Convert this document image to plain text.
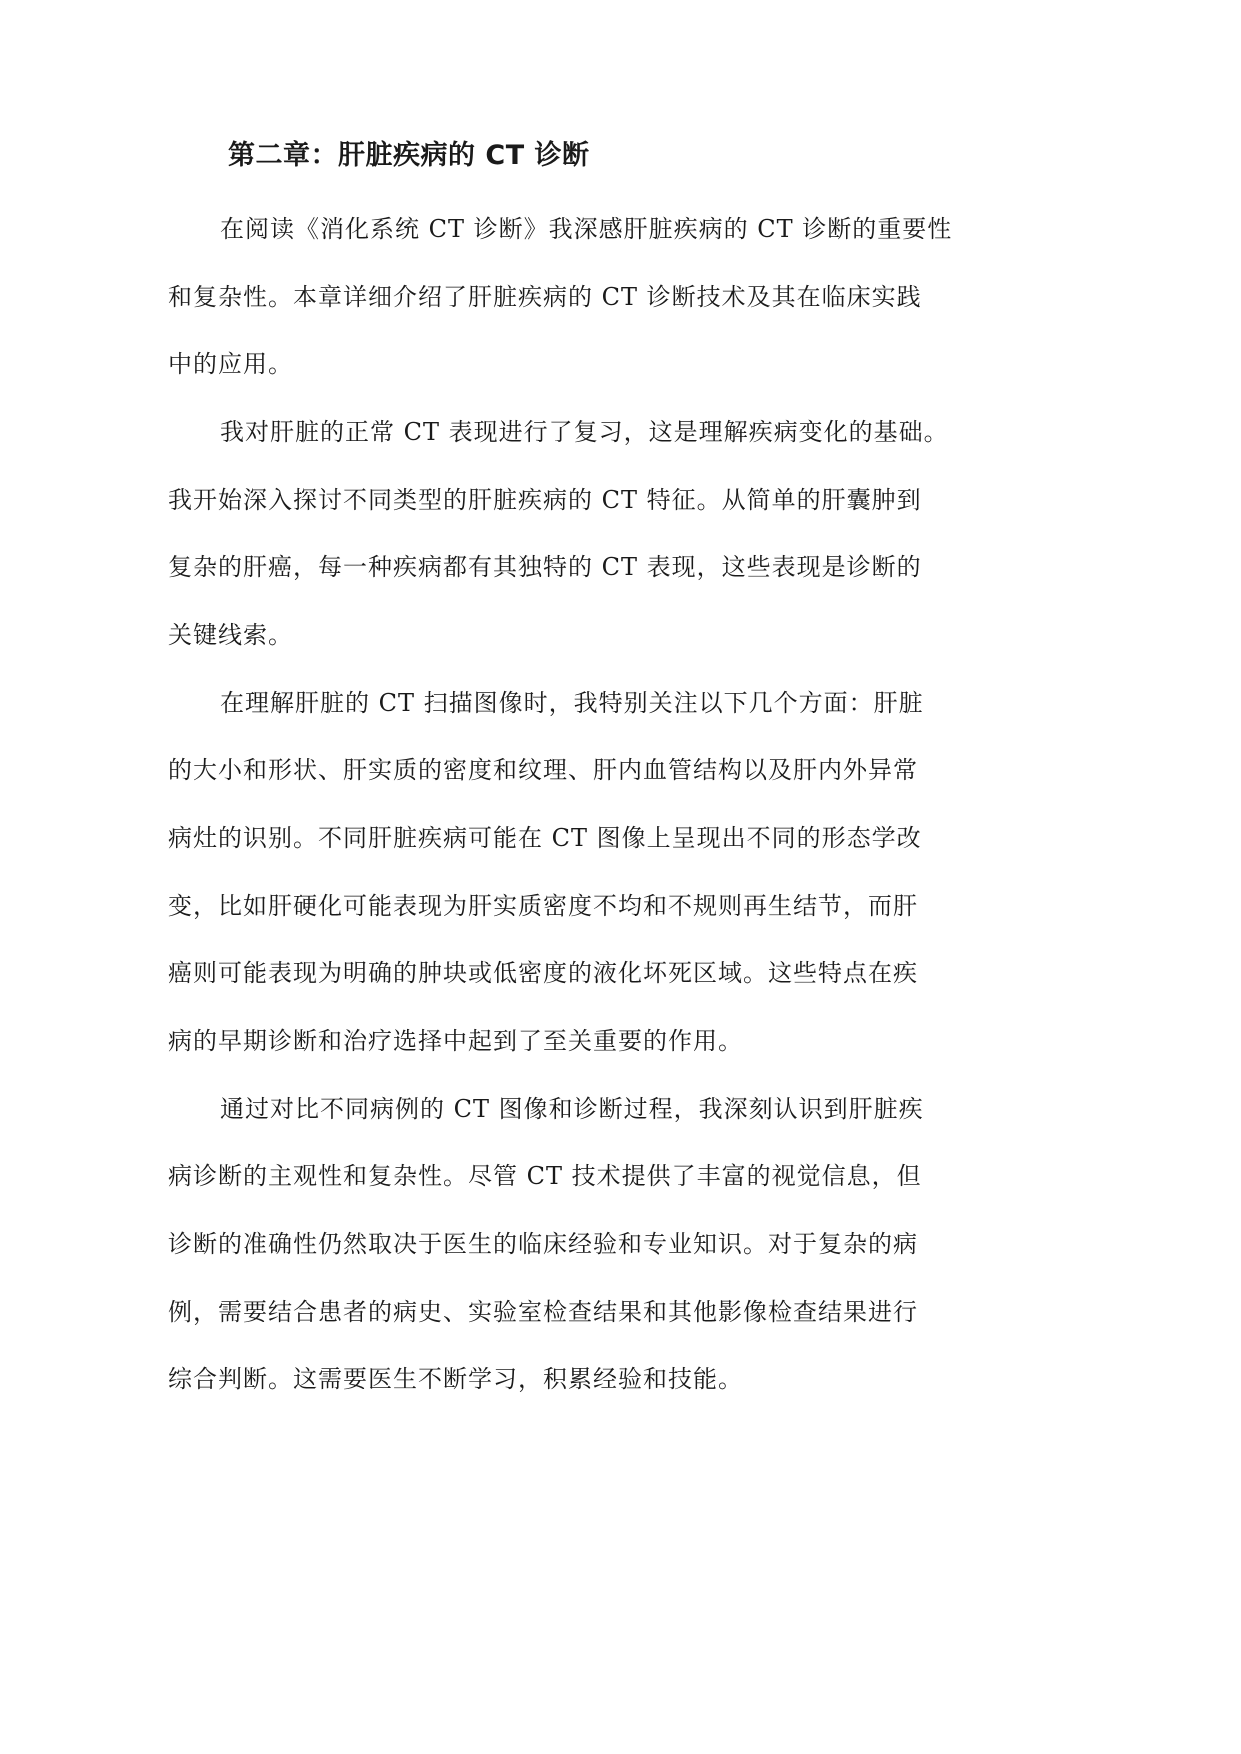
第二章：肝脏疾病的 CT 诊断
在阅读《消化系统 CT 诊断》我深感肝脏疾病的 CT 诊断的重要性
和复杂性。本章详细介绍了肝脏疾病的 CT 诊断技术及其在临床实践
中的应用。
我对肝脏的正常 CT 表现进行了复习，这是理解疾病变化的基础。
我开始深入探讨不同类型的肝脏疾病的 CT 特征。从简单的肝囊肿到
复杂的肝癌，每一种疾病都有其独特的 CT 表现，这些表现是诊断的
关键线索。
在理解肝脏的 CT 扫描图像时，我特别关注以下几个方面：肝脏
的大小和形状、肝实质的密度和纹理、肝内血管结构以及肝内外异常
病灶的识别。不同肝脏疾病可能在 CT 图像上呈现出不同的形态学改
变，比如肝硬化可能表现为肝实质密度不均和不规则再生结节，而肝
癌则可能表现为明确的肿块或低密度的液化坏死区域。这些特点在疾
病的早期诊断和治疗选择中起到了至关重要的作用。
通过对比不同病例的 CT 图像和诊断过程，我深刻认识到肝脏疾
病诊断的主观性和复杂性。尽管 CT 技术提供了丰富的视觉信息，但
诊断的准确性仍然取决于医生的临床经验和专业知识。对于复杂的病
例，需要结合患者的病史、实验室检查结果和其他影像检查结果进行
综合判断。这需要医生不断学习，积累经验和技能。
